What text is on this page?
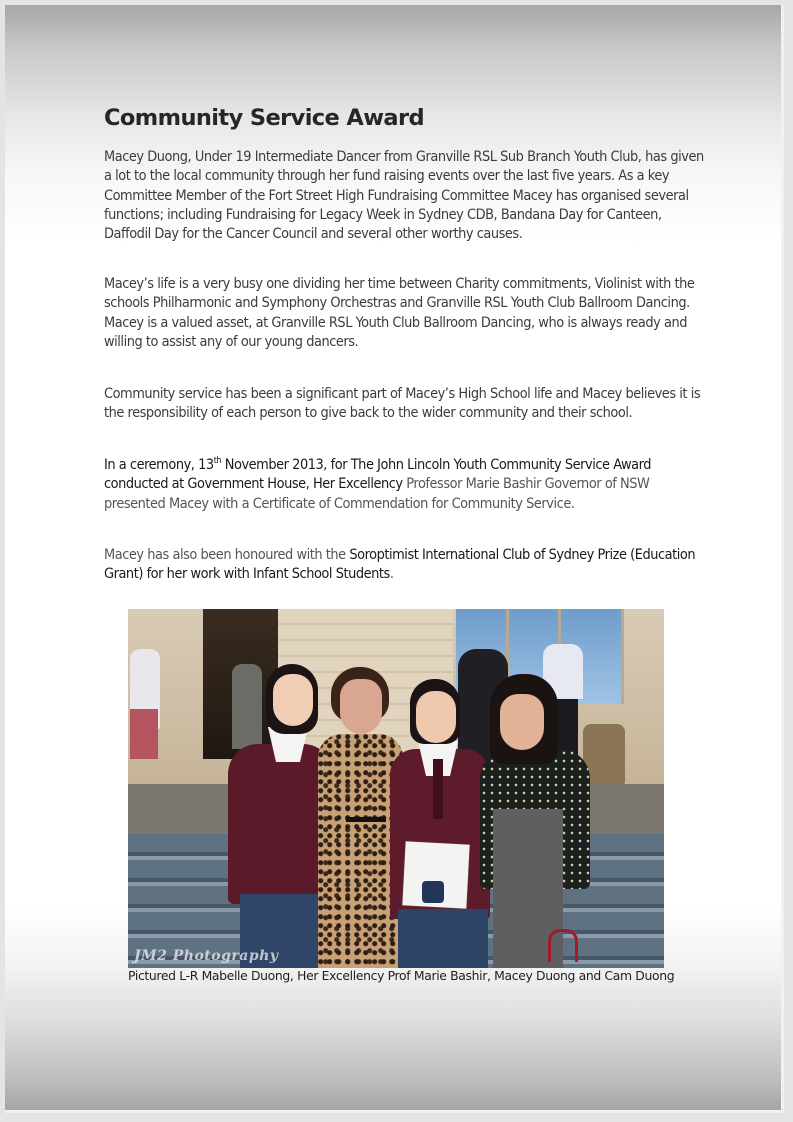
Community Service Award

Macey Duong, Under 19 Intermediate Dancer from Granville RSL Sub Branch Youth Club, has given a lot to the local community through her fund raising events over the last five years. As a key Committee Member of the Fort Street High Fundraising Committee Macey has organised several functions; including Fundraising for Legacy Week in Sydney CDB, Bandana Day for Canteen, Daffodil Day for the Cancer Council and several other worthy causes.

Macey’s life is a very busy one dividing her time between Charity commitments, Violinist with the schools Philharmonic and Symphony Orchestras and Granville RSL Youth Club Ballroom Dancing. Macey is a valued asset, at Granville RSL Youth Club Ballroom Dancing, who is always ready and willing to assist any of our young dancers.

Community service has been a significant part of Macey’s High School life and Macey believes it is the responsibility of each person to give back to the wider community and their school.

In a ceremony, 13th November 2013, for The John Lincoln Youth Community Service Award conducted at Government House, Her Excellency Professor Marie Bashir Governor of NSW presented Macey with a Certificate of Commendation for Community Service.

Macey has also been honoured with the Soroptimist International Club of Sydney Prize (Education Grant) for her work with Infant School Students.

JM2 Photography

Pictured L-R Mabelle Duong, Her Excellency Prof Marie Bashir, Macey Duong and Cam Duong
